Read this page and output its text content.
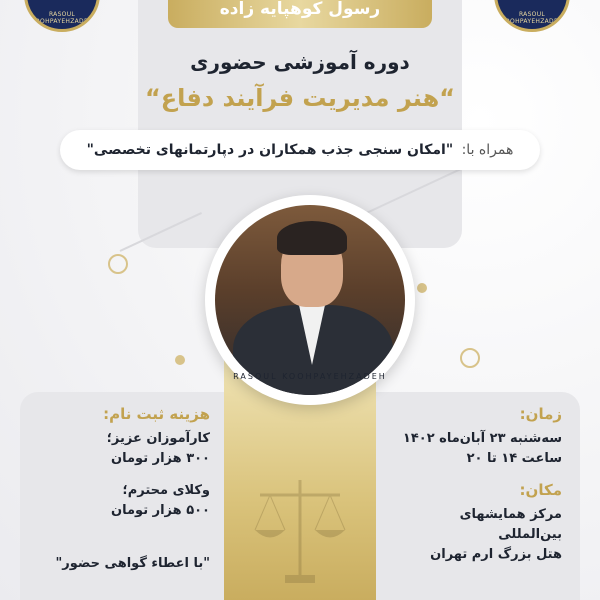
رسول کوهپایه زاده
RASOUL KOOHPAYEHZADEH
RASOUL KOOHPAYEHZADEH
دوره آموزشی حضوری
“هنر مدیریت فرآیند دفاع“
همراه با: "امکان سنجی جذب همکاران در دپارتمانهای تخصصی"
RASOUL KOOHPAYEHZADEH
زمان:
سه‌شنبه ۲۳ آبان‌ماه ۱۴۰۲
ساعت ۱۴ تا ۲۰
مکان:
مرکز همایشهای بین‌المللی
هتل بزرگ ارم تهران
هزینه ثبت نام:
کارآموزان عزیز؛
۳۰۰ هزار تومان
وکلای محترم؛
۵۰۰ هزار تومان
"با اعطاء گواهی حضور"
